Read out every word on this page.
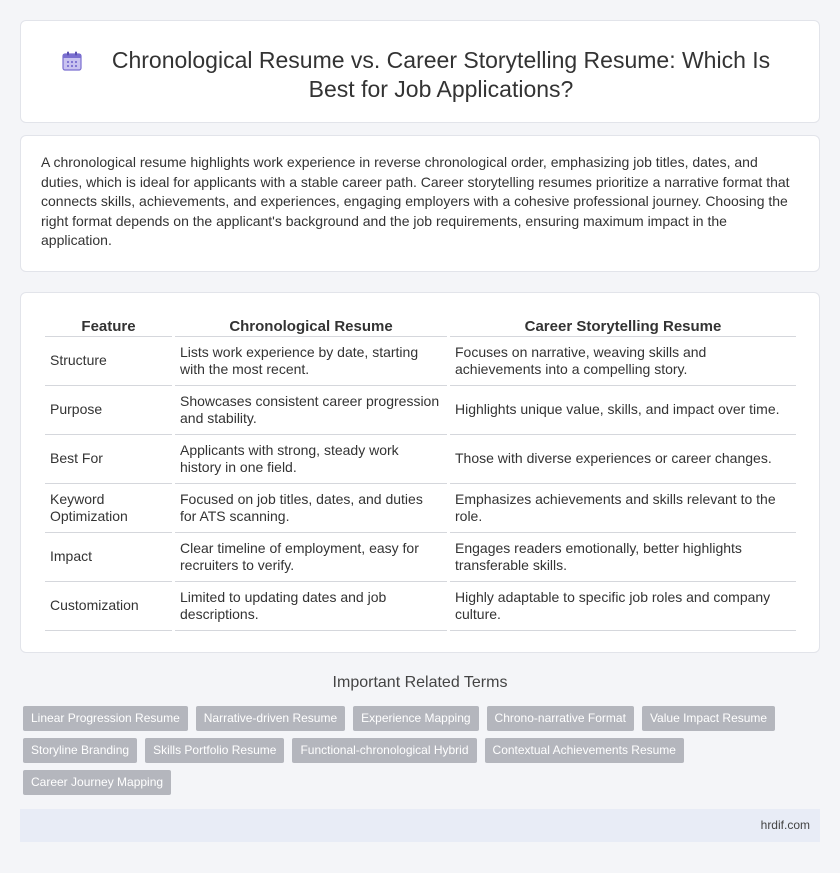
Chronological Resume vs. Career Storytelling Resume: Which Is Best for Job Applications?

A chronological resume highlights work experience in reverse chronological order, emphasizing job titles, dates, and duties, which is ideal for applicants with a stable career path. Career storytelling resumes prioritize a narrative format that connects skills, achievements, and experiences, engaging employers with a cohesive professional journey. Choosing the right format depends on the applicant's background and the job requirements, ensuring maximum impact in the application.

Feature	Chronological Resume	Career Storytelling Resume
Structure	Lists work experience by date, starting with the most recent.	Focuses on narrative, weaving skills and achievements into a compelling story.
Purpose	Showcases consistent career progression and stability.	Highlights unique value, skills, and impact over time.
Best For	Applicants with strong, steady work history in one field.	Those with diverse experiences or career changes.
Keyword Optimization	Focused on job titles, dates, and duties for ATS scanning.	Emphasizes achievements and skills relevant to the role.
Impact	Clear timeline of employment, easy for recruiters to verify.	Engages readers emotionally, better highlights transferable skills.
Customization	Limited to updating dates and job descriptions.	Highly adaptable to specific job roles and company culture.
Important Related Terms
Linear Progression Resume	Narrative-driven Resume	Experience Mapping	Chrono-narrative Format	Value Impact Resume
Storyline Branding	Skills Portfolio Resume	Functional-chronological Hybrid	Contextual Achievements Resume
Career Journey Mapping
hrdif.com
